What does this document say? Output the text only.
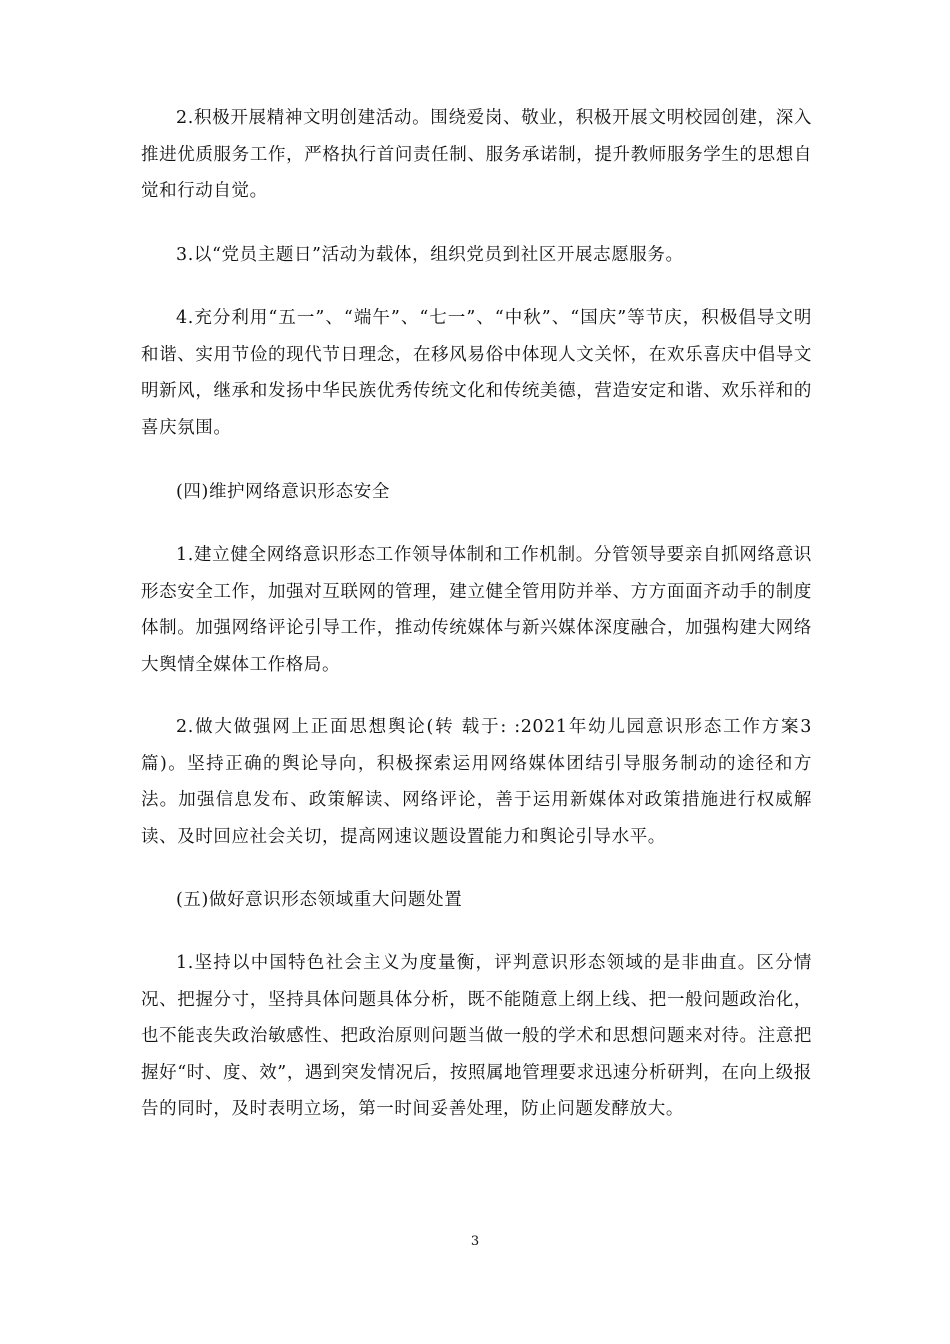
2.积极开展精神文明创建活动。围绕爱岗、敬业，积极开展文明校园创建，深入推进优质服务工作，严格执行首问责任制、服务承诺制，提升教师服务学生的思想自觉和行动自觉。

3.以“党员主题日”活动为载体，组织党员到社区开展志愿服务。

4.充分利用“五一”、“端午”、“七一”、“中秋”、“国庆”等节庆，积极倡导文明和谐、实用节俭的现代节日理念，在移风易俗中体现人文关怀，在欢乐喜庆中倡导文明新风，继承和发扬中华民族优秀传统文化和传统美德，营造安定和谐、欢乐祥和的喜庆氛围。

(四)维护网络意识形态安全

1.建立健全网络意识形态工作领导体制和工作机制。分管领导要亲自抓网络意识形态安全工作，加强对互联网的管理，建立健全管用防并举、方方面面齐动手的制度体制。加强网络评论引导工作，推动传统媒体与新兴媒体深度融合，加强构建大网络大舆情全媒体工作格局。

2.做大做强网上正面思想舆论(转 载于: :2021年幼儿园意识形态工作方案3篇)。坚持正确的舆论导向，积极探索运用网络媒体团结引导服务制动的途径和方法。加强信息发布、政策解读、网络评论，善于运用新媒体对政策措施进行权威解读、及时回应社会关切，提高网速议题设置能力和舆论引导水平。

(五)做好意识形态领域重大问题处置

1.坚持以中国特色社会主义为度量衡，评判意识形态领域的是非曲直。区分情况、把握分寸，坚持具体问题具体分析，既不能随意上纲上线、把一般问题政治化，也不能丧失政治敏感性、把政治原则问题当做一般的学术和思想问题来对待。注意把握好“时、度、效”，遇到突发情况后，按照属地管理要求迅速分析研判，在向上级报告的同时，及时表明立场，第一时间妥善处理，防止问题发酵放大。

3
